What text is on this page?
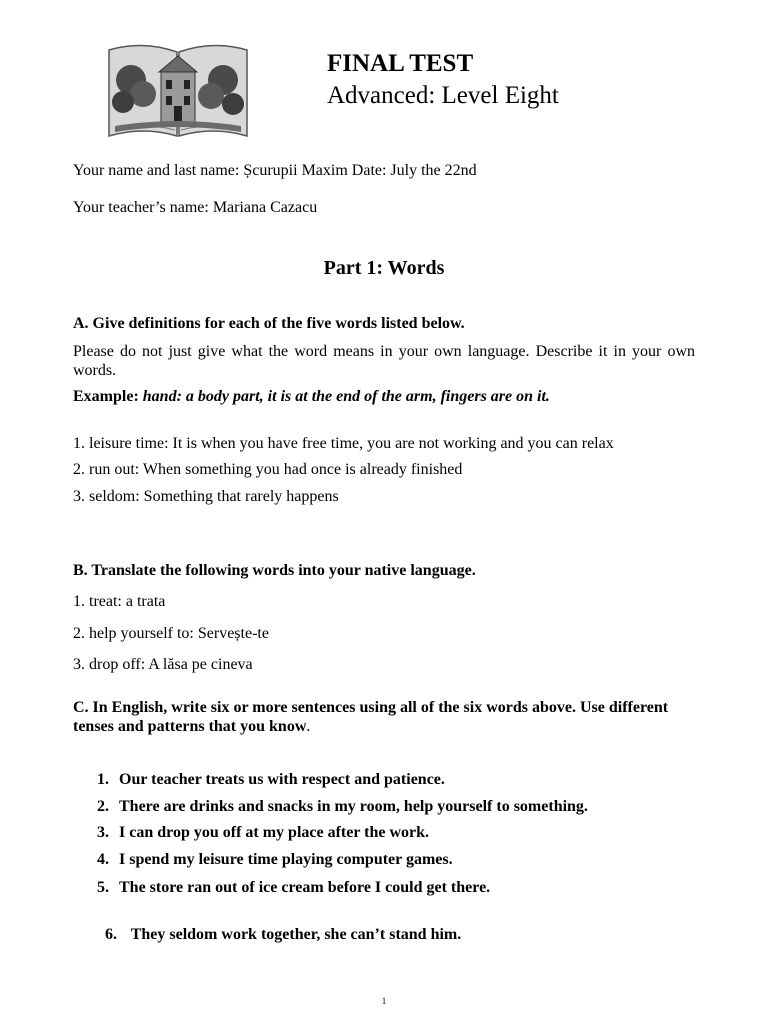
FINAL TEST
Advanced: Level Eight
Your name and last name: Șcurupii Maxim Date: July the 22nd
Your teacher’s name: Mariana Cazacu
Part 1: Words
A. Give definitions for each of the five words listed below.
Please do not just give what the word means in your own language. Describe it in your own words.
Example: hand: a body part, it is at the end of the arm, fingers are on it.
1. leisure time: It is when you have free time, you are not working and you can relax
2. run out: When something you had once is already finished
3. seldom: Something that rarely happens
B. Translate the following words into your native language.
1. treat: a trata
2. help yourself to: Servește-te
3. drop off: A lăsa pe cineva
C. In English, write six or more sentences using all of the six words above. Use different tenses and patterns that you know.
1. Our teacher treats us with respect and patience.
2. There are drinks and snacks in my room, help yourself to something.
3. I can drop you off at my place after the work.
4. I spend my leisure time playing computer games.
5. The store ran out of ice cream before I could get there.

6. They seldom work together, she can’t stand him.

1
